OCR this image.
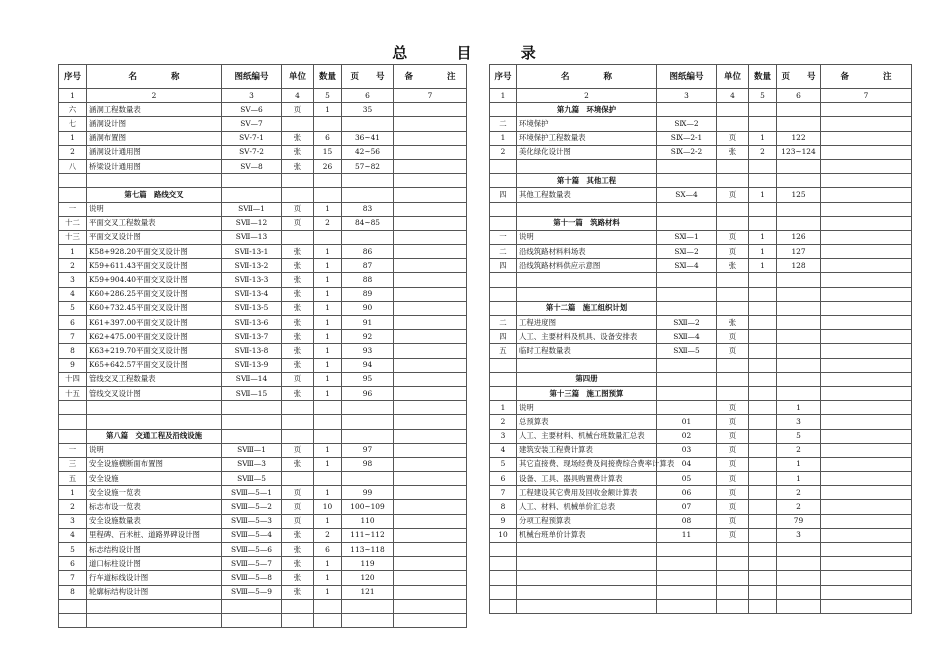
总 目 录
序号	名　　　　称	图纸编号	单位	数量	页　　号	备　　　　注
1	2	3	4	5	6	7
六	涵洞工程数量表	SⅤ—6	页	1	35	
七	涵洞设计图	SⅤ—7				
1	涵洞布置图	SⅤ-7-1	张	6	36~41	
2	涵洞设计通用图	SⅤ-7-2	张	15	42~56	
八	桥梁设计通用图	SⅤ—8	张	26	57~82	

	第七篇　路线交叉					
一	说明	SⅦ—1	页	1	83	
十二	平面交叉工程数量表	SⅦ—12	页	2	84~85	
十三	平面交叉设计图	SⅦ—13				
1	K58+928.20平面交叉设计图	SⅦ-13-1	张	1	86	
2	K59+611.43平面交叉设计图	SⅦ-13-2	张	1	87	
3	K59+904.40平面交叉设计图	SⅦ-13-3	张	1	88	
4	K60+286.25平面交叉设计图	SⅦ-13-4	张	1	89	
5	K60+732.45平面交叉设计图	SⅦ-13-5	张	1	90	
6	K61+397.00平面交叉设计图	SⅦ-13-6	张	1	91	
7	K62+475.00平面交叉设计图	SⅦ-13-7	张	1	92	
8	K63+219.70平面交叉设计图	SⅦ-13-8	张	1	93	
9	K65+642.57平面交叉设计图	SⅦ-13-9	张	1	94	
十四	管线交叉工程数量表	SⅦ—14	页	1	95	
十五	管线交叉设计图	SⅦ—15	张	1	96	

	第八篇　交通工程及沿线设施					
一	说明	SⅧ—1	页	1	97	
三	安全设施横断面布置图	SⅧ—3	张	1	98	
五	安全设施	SⅧ—5				
1	安全设施一览表	SⅧ—5—1	页	1	99	
2	标志布设一览表	SⅧ—5—2	页	10	100~109	
3	安全设施数量表	SⅧ—5—3	页	1	110	
4	里程碑、百米桩、道路界碑设计图	SⅧ—5—4	张	2	111~112	
5	标志结构设计图	SⅧ—5—6	张	6	113~118	
6	道口标柱设计图	SⅧ—5—7	张	1	119	
7	行车道标线设计图	SⅧ—5—8	张	1	120	
8	轮廓标结构设计图	SⅧ—5—9	张	1	121	

序号	名　　　　称	图纸编号	单位	数量	页　　号	备　　　　注
1	2	3	4	5	6	7
	第九篇　环境保护					
二	环境保护	SⅨ—2				
1	环境保护工程数量表	SⅨ—2-1	页	1	122	
2	美化绿化设计图	SⅨ—2-2	张	2	123~124	

	第十篇　其他工程					
四	其他工程数量表	SⅩ—4	页	1	125	

	第十一篇　筑路材料					
一	说明	SⅪ—1	页	1	126	
二	沿线筑路材料料场表	SⅪ—2	页	1	127	
四	沿线筑路材料供应示意图	SⅪ—4	张	1	128	

	第十二篇　施工组织计划					
二	工程进度图	SⅫ—2	张			
四	人工、主要材料及机具、设备安排表	SⅫ—4	页			
五	临时工程数量表	SⅫ—5	页			

	第四册					
	第十三篇　施工图预算					
1	说明		页		1	
2	总预算表	01	页		3	
3	人工、主要材料、机械台班数量汇总表	02	页		5	
4	建筑安装工程费计算表	03	页		2	
5	其它直接费、现场经费及间接费综合费率计算表	04	页		1	
6	设备、工具、器具购置费计算表	05	页		1	
7	工程建设其它费用及回收金额计算表	06	页		2	
8	人工、材料、机械单价汇总表	07	页		2	
9	分项工程预算表	08	页		79	
10	机械台班单价计算表	11	页		3	
